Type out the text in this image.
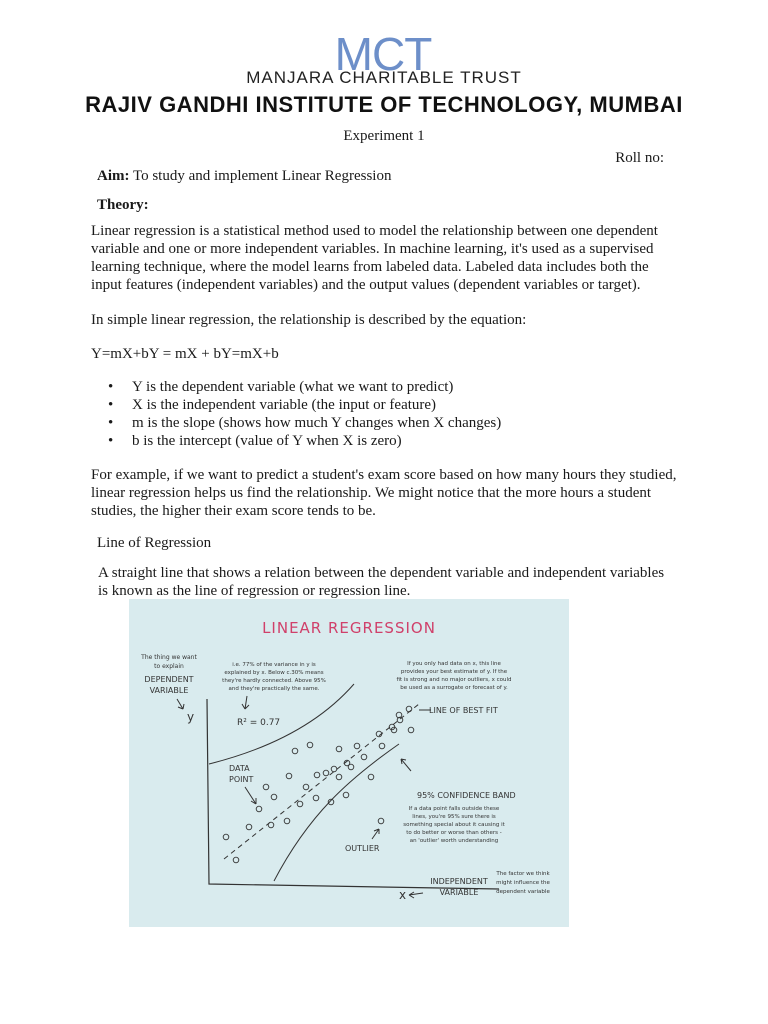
MCT
MANJARA CHARITABLE TRUST
RAJIV GANDHI INSTITUTE OF TECHNOLOGY, MUMBAI
Experiment 1
Roll no:
Aim: To study and implement Linear Regression
Theory:
Linear regression is a statistical method used to model the relationship between one dependent variable and one or more independent variables. In machine learning, it's used as a supervised learning technique, where the model learns from labeled data. Labeled data includes both the input features (independent variables) and the output values (dependent variables or target).
In simple linear regression, the relationship is described by the equation:
Y=mX+bY = mX + bY=mX+b
• Y is the dependent variable (what we want to predict)
• X is the independent variable (the input or feature)
• m is the slope (shows how much Y changes when X changes)
• b is the intercept (value of Y when X is zero)
For example, if we want to predict a student's exam score based on how many hours they studied, linear regression helps us find the relationship. We might notice that the more hours a student studies, the higher their exam score tends to be.
Line of Regression
A straight line that shows a relation between the dependent variable and independent variables is known as the line of regression or regression line.
LINEAR REGRESSION
The thing we want
to explain
DEPENDENT
VARIABLE
y
i.e. 77% of the variance in y is
explained by x. Below c.30% means
they're hardly connected. Above 95%
and they're practically the same.
R² = 0.77
If you only had data on x, this line
provides your best estimate of y. If the
fit is strong and no major outliers, x could
be used as a surrogate or forecast of y.
LINE OF BEST FIT
DATA
POINT
95% CONFIDENCE BAND
If a data point falls outside these
lines, you're 95% sure there is
something special about it causing it
to do better or worse than others -
an 'outlier' worth understanding
OUTLIER
INDEPENDENT
VARIABLE
x
The factor we think
might influence the
dependent variable
